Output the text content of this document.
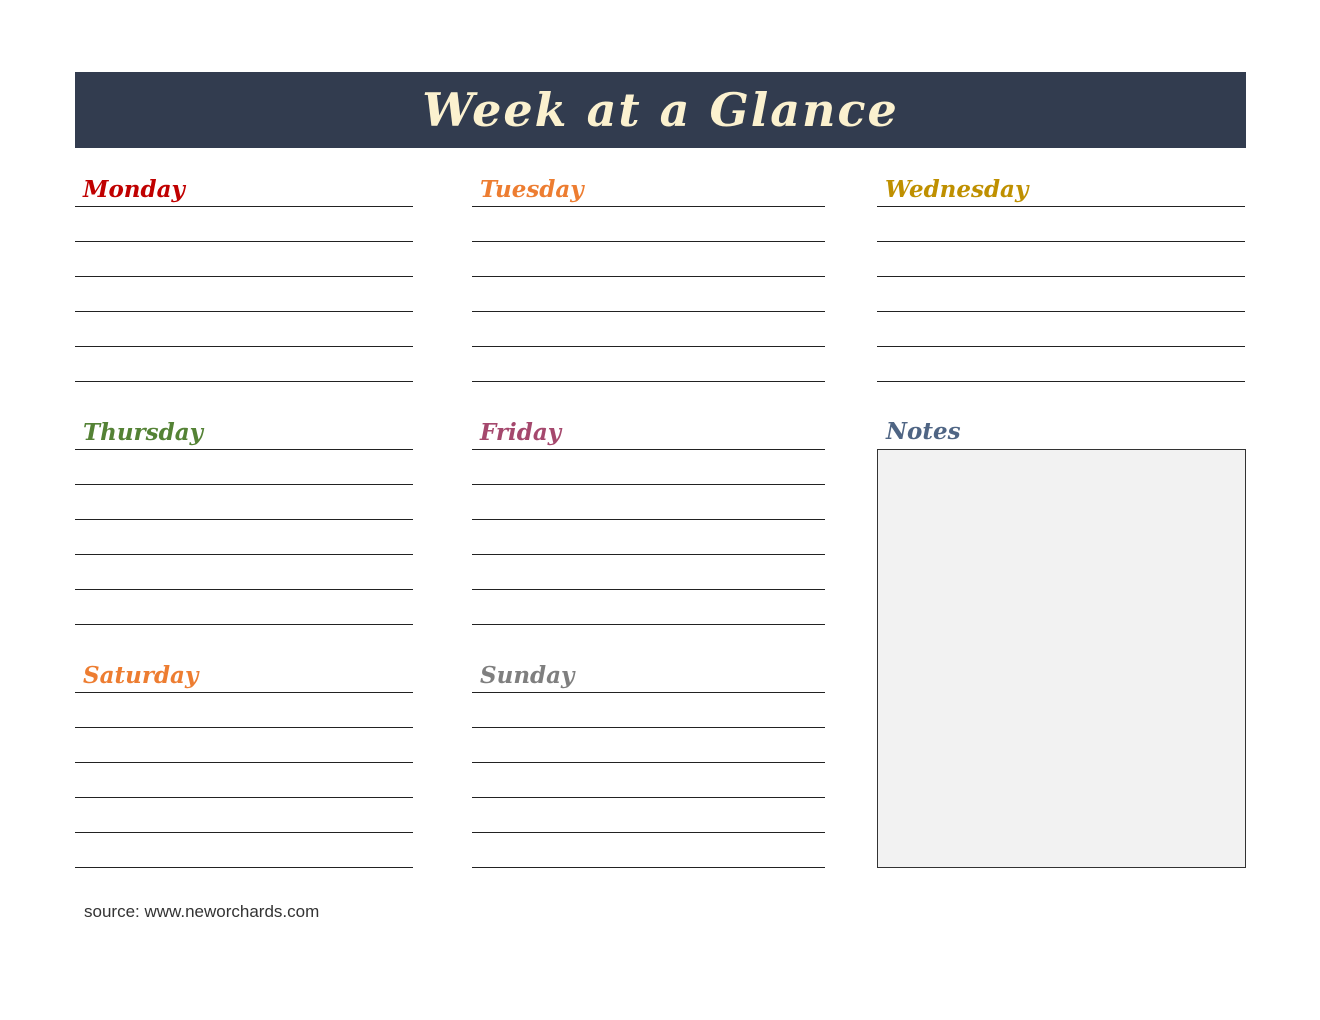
Week at a Glance
Monday	Tuesday	Wednesday
Thursday	Friday
Saturday	Sunday
Notes
source: www.neworchards.com
